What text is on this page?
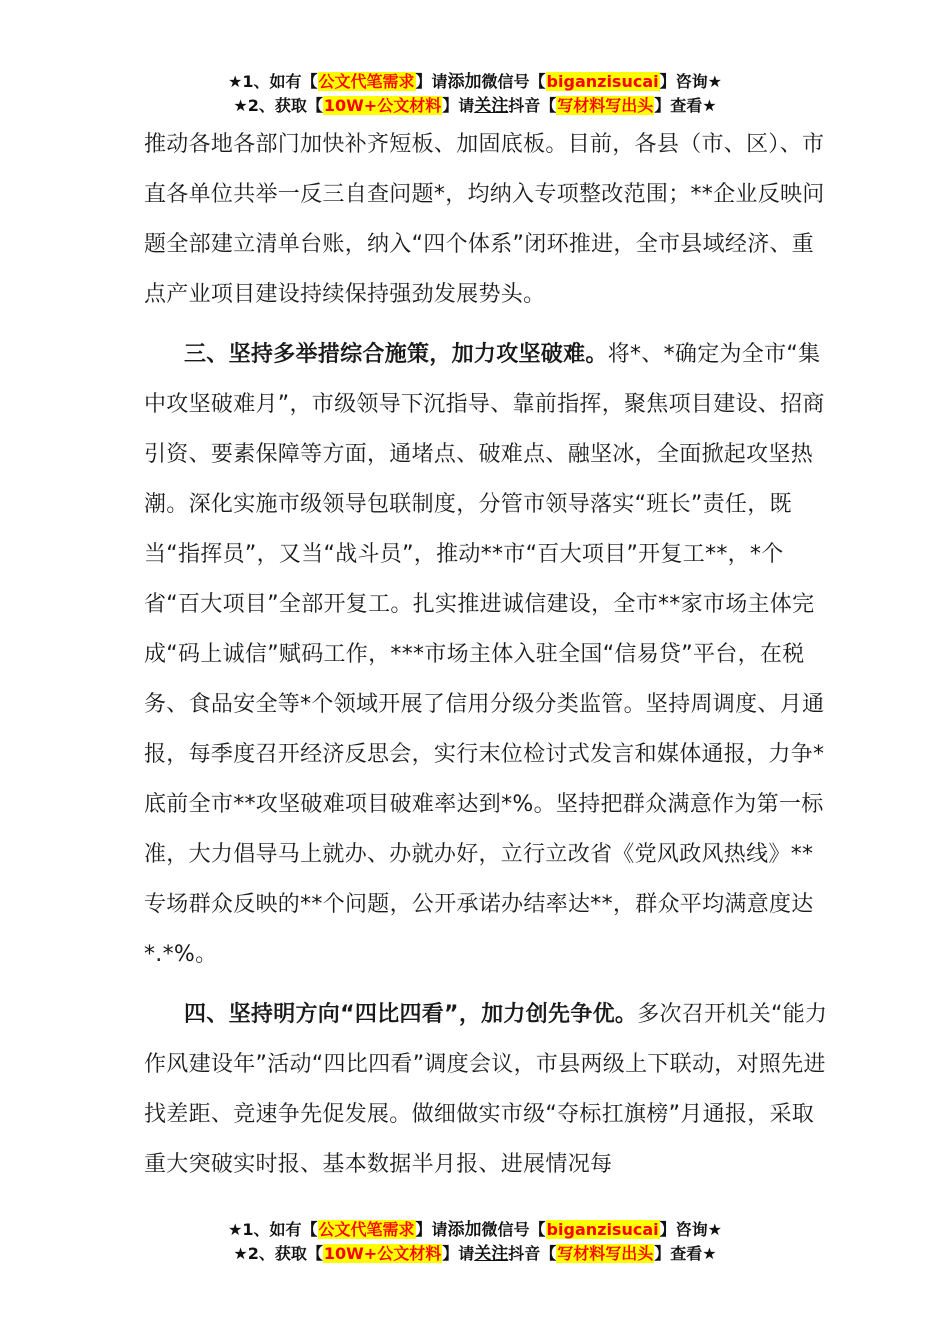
★1、如有【公文代笔需求】请添加微信号【biganzisucai】咨询★
★2、获取【10W+公文材料】请关注抖音【写材料写出头】查看★

推动各地各部门加快补齐短板、加固底板。目前，各县（市、区）、市直各单位共举一反三自查问题*，均纳入专项整改范围；**企业反映问题全部建立清单台账，纳入“四个体系”闭环推进，全市县域经济、重点产业项目建设持续保持强劲发展势头。

三、坚持多举措综合施策，加力攻坚破难。将*、*确定为全市“集中攻坚破难月”，市级领导下沉指导、靠前指挥，聚焦项目建设、招商引资、要素保障等方面，通堵点、破难点、融坚冰，全面掀起攻坚热潮。深化实施市级领导包联制度，分管市领导落实“班长”责任，既当“指挥员”，又当“战斗员”，推动**市“百大项目”开复工**，*个省“百大项目”全部开复工。扎实推进诚信建设，全市**家市场主体完成“码上诚信”赋码工作，***市场主体入驻全国“信易贷”平台，在税务、食品安全等*个领域开展了信用分级分类监管。坚持周调度、月通报，每季度召开经济反思会，实行末位检讨式发言和媒体通报，力争*底前全市**攻坚破难项目破难率达到*%。坚持把群众满意作为第一标准，大力倡导马上就办、办就办好，立行立改省《党风政风热线》**专场群众反映的**个问题，公开承诺办结率达**，群众平均满意度达*.*%。

四、坚持明方向“四比四看”，加力创先争优。多次召开机关“能力作风建设年”活动“四比四看”调度会议，市县两级上下联动，对照先进找差距、竞速争先促发展。做细做实市级“夺标扛旗榜”月通报，采取重大突破实时报、基本数据半月报、进展情况每

★1、如有【公文代笔需求】请添加微信号【biganzisucai】咨询★
★2、获取【10W+公文材料】请关注抖音【写材料写出头】查看★
